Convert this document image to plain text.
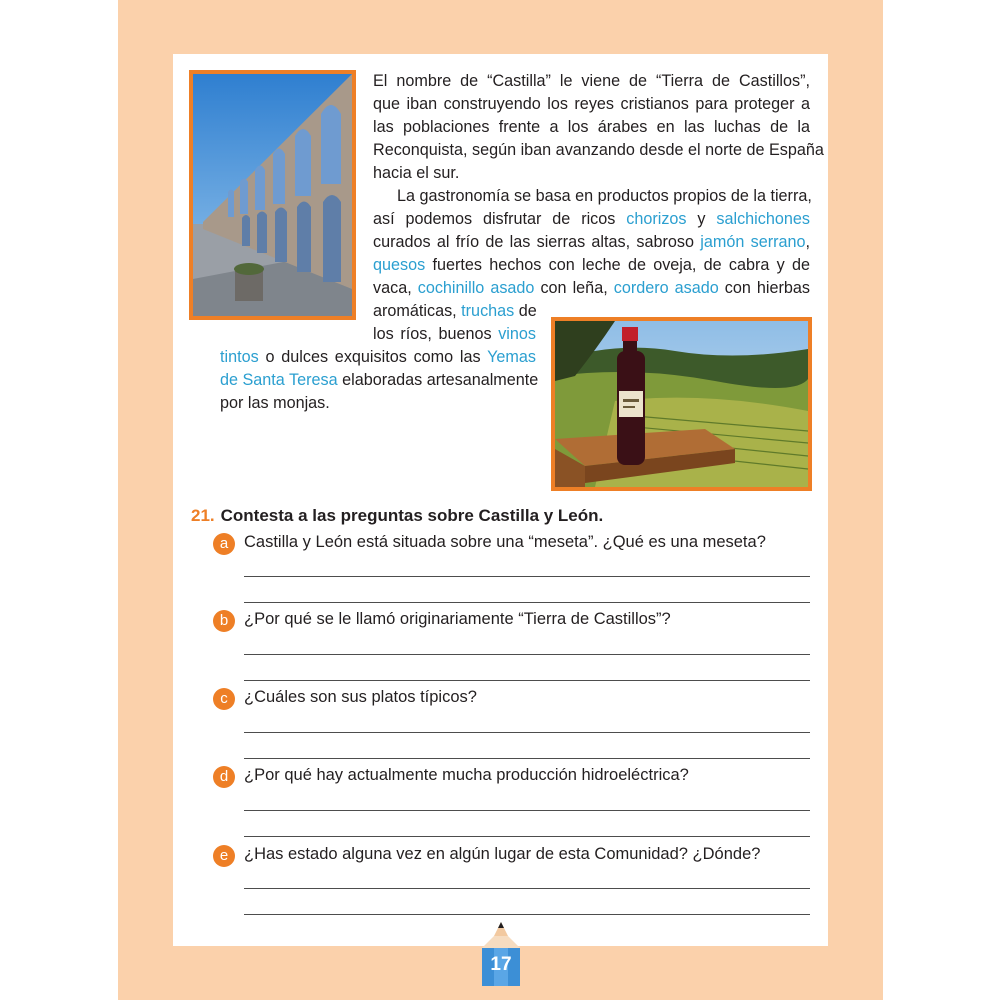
El nombre de “Castilla” le viene de “Tierra de Castillos”,
que iban construyendo los reyes cristianos para proteger a
las poblaciones frente a los árabes en las luchas de la
Reconquista, según iban avanzando desde el norte de España
hacia el sur.
La gastronomía se basa en productos propios de la tierra,
así podemos disfrutar de ricos chorizos y salchichones
curados al frío de las sierras altas, sabroso jamón serrano,
quesos fuertes hechos con leche de oveja, de cabra y de
vaca, cochinillo asado con leña, cordero asado con hierbas
aromáticas, truchas de
los ríos, buenos vinos
tintos o dulces exquisitos como las Yemas
de Santa Teresa elaboradas artesanalmente
por las monjas.
21. Contesta a las preguntas sobre Castilla y León.
a Castilla y León está situada sobre una “meseta”. ¿Qué es una meseta?
b ¿Por qué se le llamó originariamente “Tierra de Castillos”?
c ¿Cuáles son sus platos típicos?
d ¿Por qué hay actualmente mucha producción hidroeléctrica?
e ¿Has estado alguna vez en algún lugar de esta Comunidad? ¿Dónde?
17
